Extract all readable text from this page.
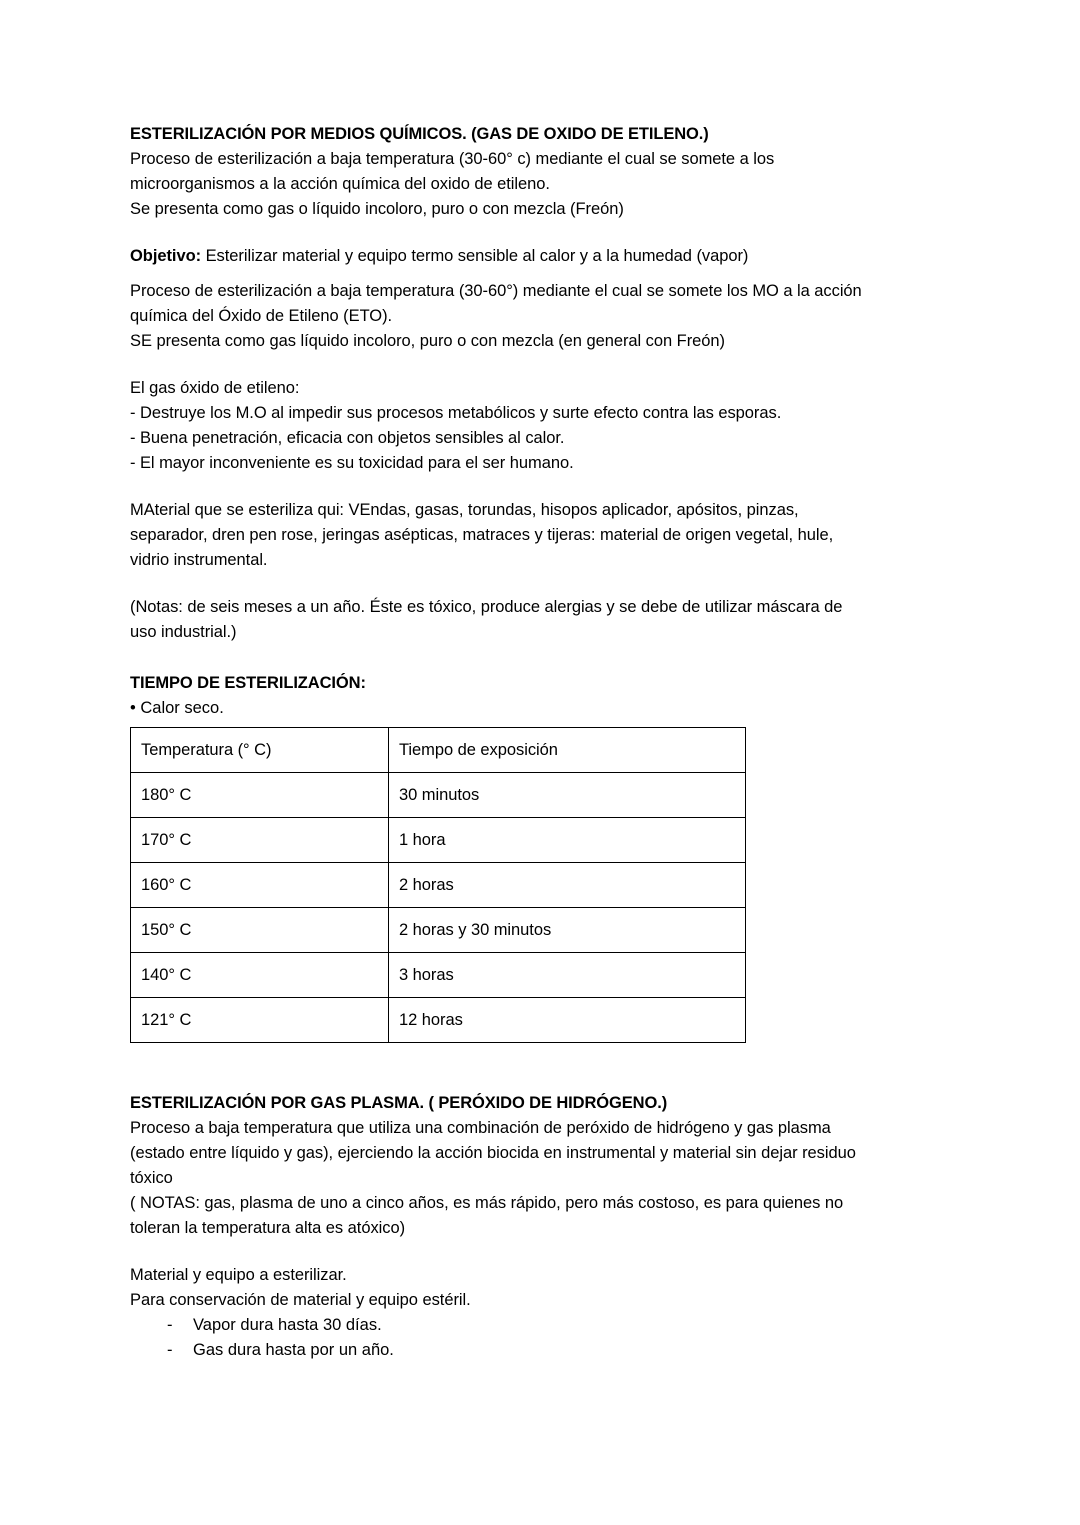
ESTERILIZACIÓN POR MEDIOS QUÍMICOS. (GAS DE OXIDO DE ETILENO.)
Proceso de esterilización a baja temperatura (30-60° c) mediante el cual se somete a los
microorganismos a la acción química del oxido de etileno.
Se presenta como gas o líquido incoloro, puro o con mezcla (Freón)
Objetivo: Esterilizar material y equipo termo sensible al calor y a la humedad (vapor)
Proceso de esterilización a baja temperatura (30-60°) mediante el cual se somete los MO a la acción
química del Óxido de Etileno (ETO).
SE presenta como gas líquido incoloro, puro o con mezcla (en general con Freón)
El gas óxido de etileno:
- Destruye los M.O al impedir sus procesos metabólicos y surte efecto contra las esporas.
- Buena penetración, eficacia con objetos sensibles al calor.
- El mayor inconveniente es su toxicidad para el ser humano.
MAterial que se esteriliza qui: VEndas, gasas, torundas, hisopos aplicador, apósitos, pinzas,
separador, dren pen rose, jeringas asépticas, matraces y tijeras: material de origen vegetal, hule,
vidrio instrumental.
(Notas: de seis meses a un año. Éste es tóxico, produce alergias y se debe de utilizar máscara de
uso industrial.)
TIEMPO DE ESTERILIZACIÓN:
• Calor seco.
Temperatura (° C)	Tiempo de exposición
180° C	30 minutos
170° C	1 hora
160° C	2 horas
150° C	2 horas y 30 minutos
140° C	3 horas
121° C	12 horas
ESTERILIZACIÓN POR GAS PLASMA. ( PERÓXIDO DE HIDRÓGENO.)
Proceso a baja temperatura que utiliza una combinación de peróxido de hidrógeno y gas plasma
(estado entre líquido y gas), ejerciendo la acción biocida en instrumental y material sin dejar residuo
tóxico
( NOTAS: gas, plasma de uno a cinco años, es más rápido, pero más costoso, es para quienes no
toleran la temperatura alta es atóxico)
Material y equipo a esterilizar.
Para conservación de material y equipo estéril.
- Vapor dura hasta 30 días.
- Gas dura hasta por un año.
